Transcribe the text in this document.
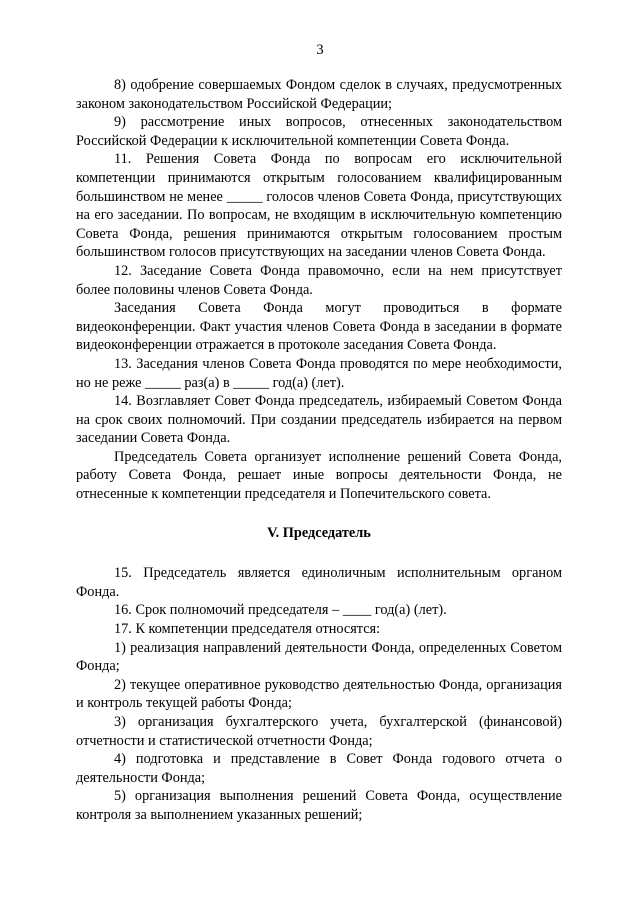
3

8) одобрение совершаемых Фондом сделок в случаях, предусмотренных законом законодательством Российской Федерации;

9) рассмотрение иных вопросов, отнесенных законодательством Российской Федерации к исключительной компетенции Совета Фонда.

11. Решения Совета Фонда по вопросам его исключительной компетенции принимаются открытым голосованием квалифицированным большинством не менее _____ голосов членов Совета Фонда, присутствующих на его заседании. По вопросам, не входящим в исключительную компетенцию Совета Фонда, решения принимаются открытым голосованием простым большинством голосов присутствующих на заседании членов Совета Фонда.

12. Заседание Совета Фонда правомочно, если на нем присутствует более половины членов Совета Фонда.

Заседания Совета Фонда могут проводиться в формате видеоконференции. Факт участия членов Совета Фонда в заседании в формате видеоконференции отражается в протоколе заседания Совета Фонда.

13. Заседания членов Совета Фонда проводятся по мере необходимости, но не реже _____ раз(а) в _____ год(а) (лет).

14. Возглавляет Совет Фонда председатель, избираемый Советом Фонда на срок своих полномочий. При создании председатель избирается на первом заседании Совета Фонда.

Председатель Совета организует исполнение решений Совета Фонда, работу Совета Фонда, решает иные вопросы деятельности Фонда, не отнесенные к компетенции председателя и Попечительского совета.

V. Председатель

15. Председатель является единоличным исполнительным органом Фонда.

16. Срок полномочий председателя – ____ год(а) (лет).

17. К компетенции председателя относятся:

1) реализация направлений деятельности Фонда, определенных Советом Фонда;

2) текущее оперативное руководство деятельностью Фонда, организация и контроль текущей работы Фонда;

3) организация бухгалтерского учета, бухгалтерской (финансовой) отчетности и статистической отчетности Фонда;

4) подготовка и представление в Совет Фонда годового отчета о деятельности Фонда;

5) организация выполнения решений Совета Фонда, осуществление контроля за выполнением указанных решений;
